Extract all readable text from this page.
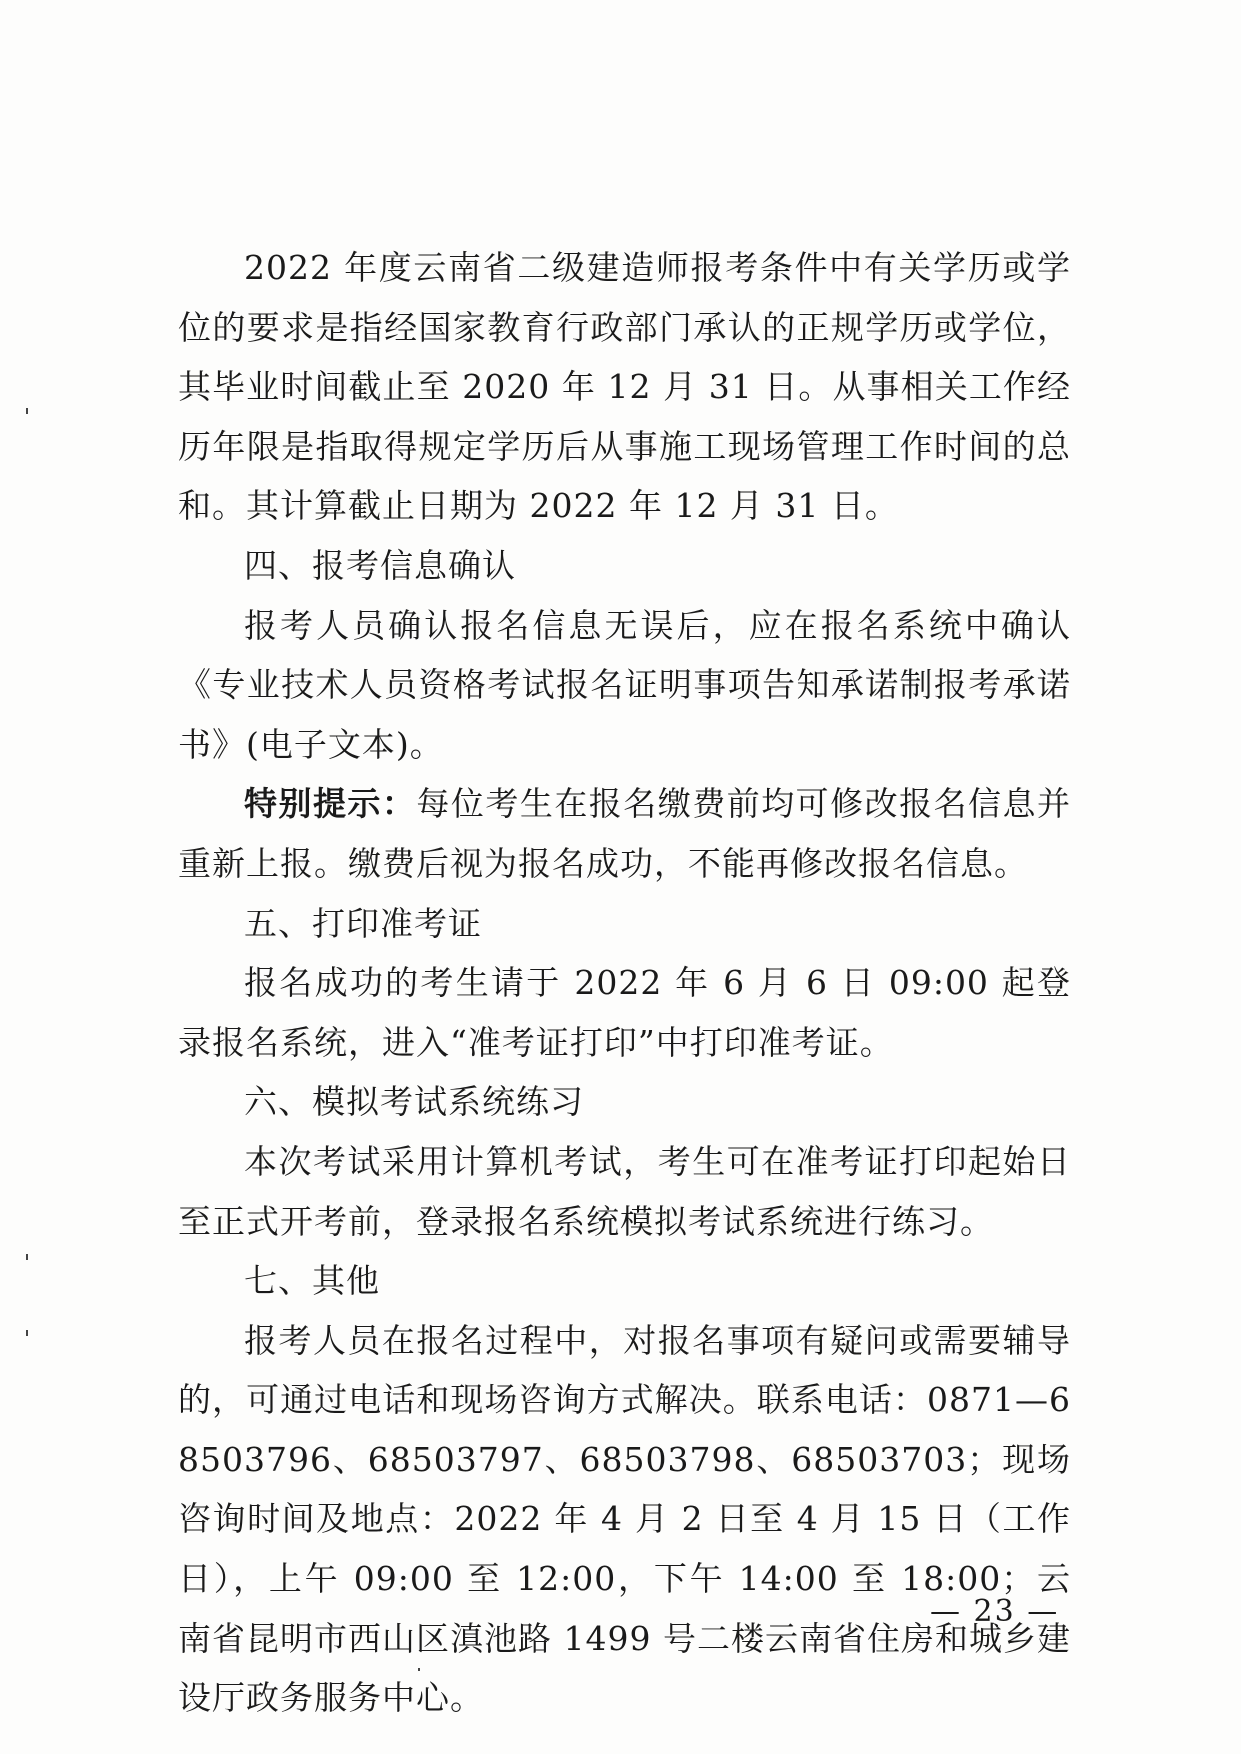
2022 年度云南省二级建造师报考条件中有关学历或学位的要求是指经国家教育行政部门承认的正规学历或学位，其毕业时间截止至 2020 年 12 月 31 日。从事相关工作经历年限是指取得规定学历后从事施工现场管理工作时间的总和。其计算截止日期为 2022 年 12 月 31 日。

四、报考信息确认

报考人员确认报名信息无误后，应在报名系统中确认《专业技术人员资格考试报名证明事项告知承诺制报考承诺书》(电子文本)。

特别提示：每位考生在报名缴费前均可修改报名信息并重新上报。缴费后视为报名成功，不能再修改报名信息。

五、打印准考证

报名成功的考生请于 2022 年 6 月 6 日 09:00 起登录报名系统，进入“准考证打印”中打印准考证。

六、模拟考试系统练习

本次考试采用计算机考试，考生可在准考证打印起始日至正式开考前，登录报名系统模拟考试系统进行练习。

七、其他

报考人员在报名过程中，对报名事项有疑问或需要辅导的，可通过电话和现场咨询方式解决。联系电话：0871—68503796、68503797、68503798、68503703；现场咨询时间及地点：2022 年 4 月 2 日至 4 月 15 日（工作日），上午 09:00 至 12:00，下午 14:00 至 18:00；云南省昆明市西山区滇池路 1499 号二楼云南省住房和城乡建设厅政务服务中心。

— 23 —
